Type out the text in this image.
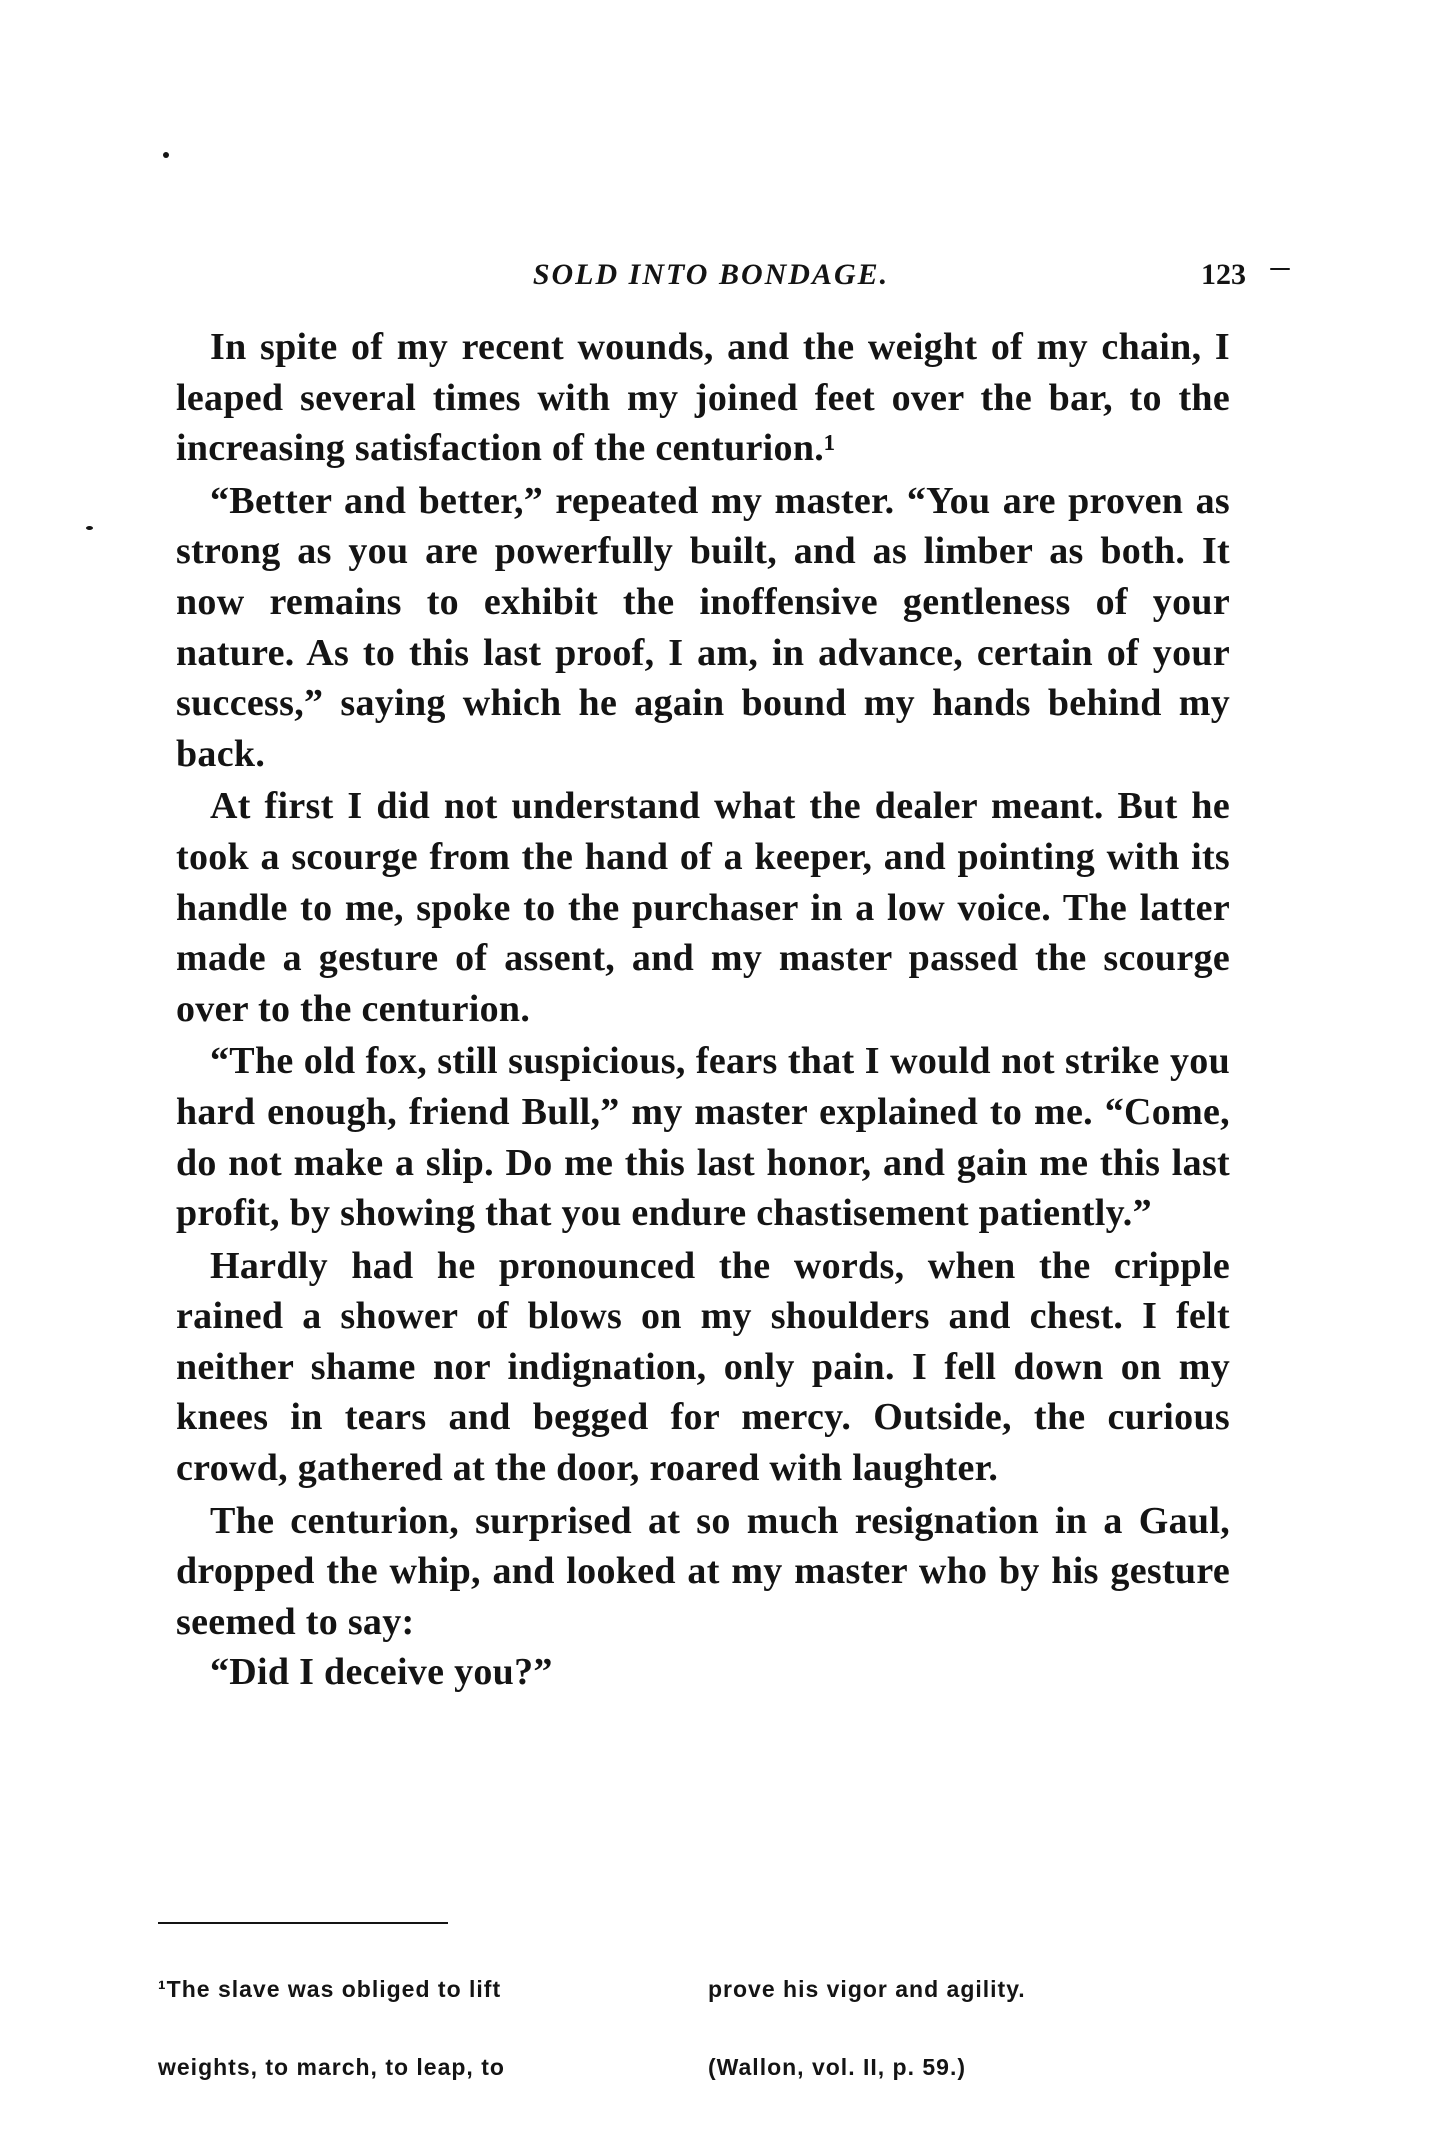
SOLD INTO BONDAGE.	123

In spite of my recent wounds, and the weight of my chain, I leaped several times with my joined feet over the bar, to the increasing satisfaction of the centurion.¹

“Better and better,” repeated my master. “You are proven as strong as you are powerfully built, and as limber as both. It now remains to exhibit the inoffensive gentleness of your nature. As to this last proof, I am, in advance, certain of your success,” saying which he again bound my hands behind my back.

At first I did not understand what the dealer meant. But he took a scourge from the hand of a keeper, and pointing with its handle to me, spoke to the purchaser in a low voice. The latter made a gesture of assent, and my master passed the scourge over to the centurion.

“The old fox, still suspicious, fears that I would not strike you hard enough, friend Bull,” my master explained to me. “Come, do not make a slip. Do me this last honor, and gain me this last profit, by showing that you endure chastisement patiently.”

Hardly had he pronounced the words, when the cripple rained a shower of blows on my shoulders and chest. I felt neither shame nor indignation, only pain. I fell down on my knees in tears and begged for mercy. Outside, the curious crowd, gathered at the door, roared with laughter.

The centurion, surprised at so much resignation in a Gaul, dropped the whip, and looked at my master who by his gesture seemed to say:

“Did I deceive you?”

¹The slave was obliged to lift

weights, to march, to leap, to

prove his vigor and agility.

(Wallon, vol. II, p. 59.)
